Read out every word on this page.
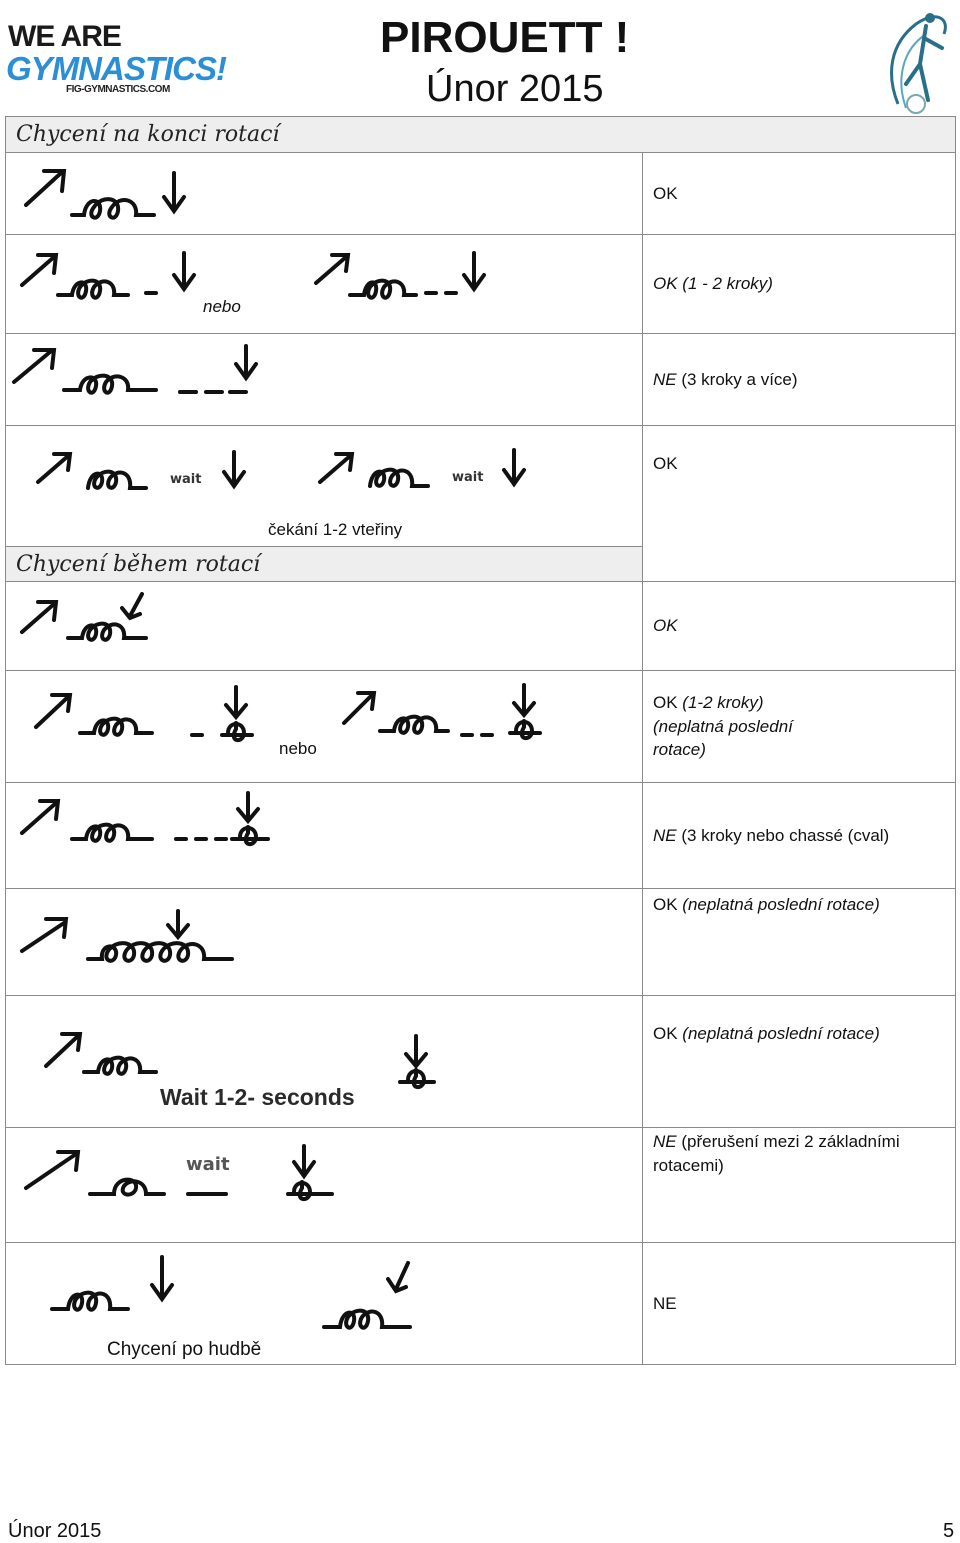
WE ARE
GYMNASTICS!
FIG-GYMNASTICS.COM
PIROUETT !
Únor 2015
Chycení na konci rotací	

	OK

nebo	OK (1 - 2 kroky)

	NE (3 kroky a více)

wait wait
čekání 1-2 vteřiny	OK
Chycení během rotací	

	OK

nebo	OK (1-2 kroky)
(neplatná poslední
rotace)

	NE (3 kroky nebo chassé (cval)

	OK (neplatná poslední rotace)

Wait 1-2- seconds	OK (neplatná poslední rotace)

wait	NE (přerušení mezi 2 základními
rotacemi)

Chycení po hudbě	NE
Únor 2015	5
